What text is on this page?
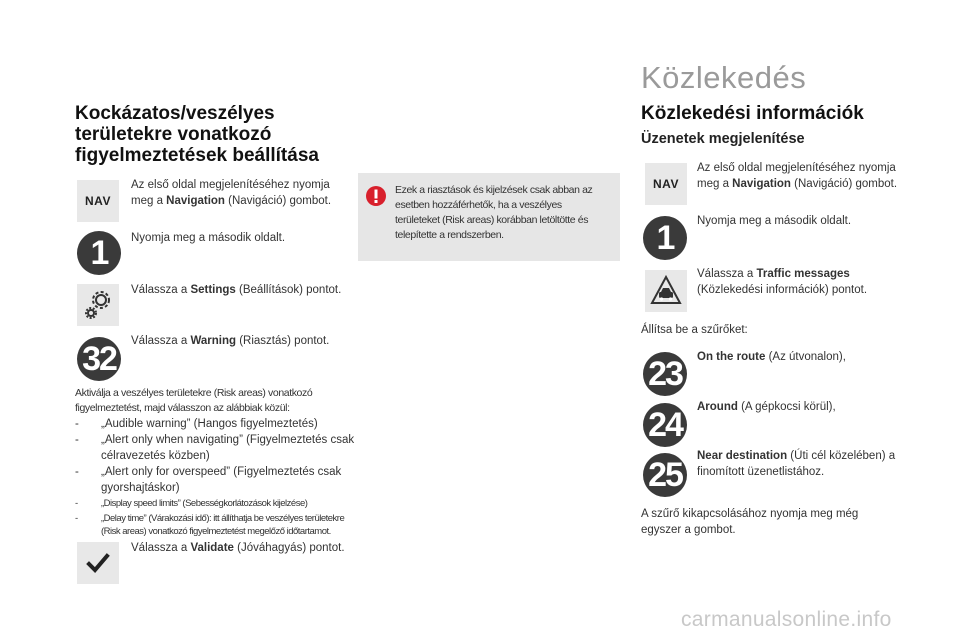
Kockázatos/veszélyes
területekre vonatkozó
figyelmeztetések beállítása
NAV
Az első oldal megjelenítéséhez nyomja meg a Navigation (Navigáció) gombot.
1 Nyomja meg a második oldalt.
Válassza a Settings (Beállítások) pontot.
32 Válassza a Warning (Riasztás) pontot.
Aktiválja a veszélyes területekre (Risk areas) vonatkozó
figyelmeztetést, majd válasszon az alábbiak közül:
-	„Audible warning” (Hangos figyelmeztetés)
-	„Alert only when navigating” (Figyelmeztetés csak célravezetés közben)
-	„Alert only for overspeed” (Figyelmeztetés csak gyorshajtáskor)
-	„Display speed limits” (Sebességkorlátozások kijelzése)
-	„Delay time” (Várakozási idő): itt állíthatja be veszélyes területekre (Risk areas) vonatkozó figyelmeztetést megelőző időtartamot.
Válassza a Validate (Jóváhagyás) pontot.
Ezek a riasztások és kijelzések csak abban az esetben hozzáférhetők, ha a veszélyes területeket (Risk areas) korábban letöltötte és telepítette a rendszerben.
Közlekedés
Közlekedési információk
Üzenetek megjelenítése
NAV
Az első oldal megjelenítéséhez nyomja meg a Navigation (Navigáció) gombot.
1 Nyomja meg a második oldalt.
Válassza a Traffic messages (Közlekedési információk) pontot.
Állítsa be a szűrőket:
23 On the route (Az útvonalon),
24 Around (A gépkocsi körül),
25 Near destination (Úti cél közelében) a finomított üzenetlistához.
A szűrő kikapcsolásához nyomja meg még egyszer a gombot.
carmanualsonline.info
